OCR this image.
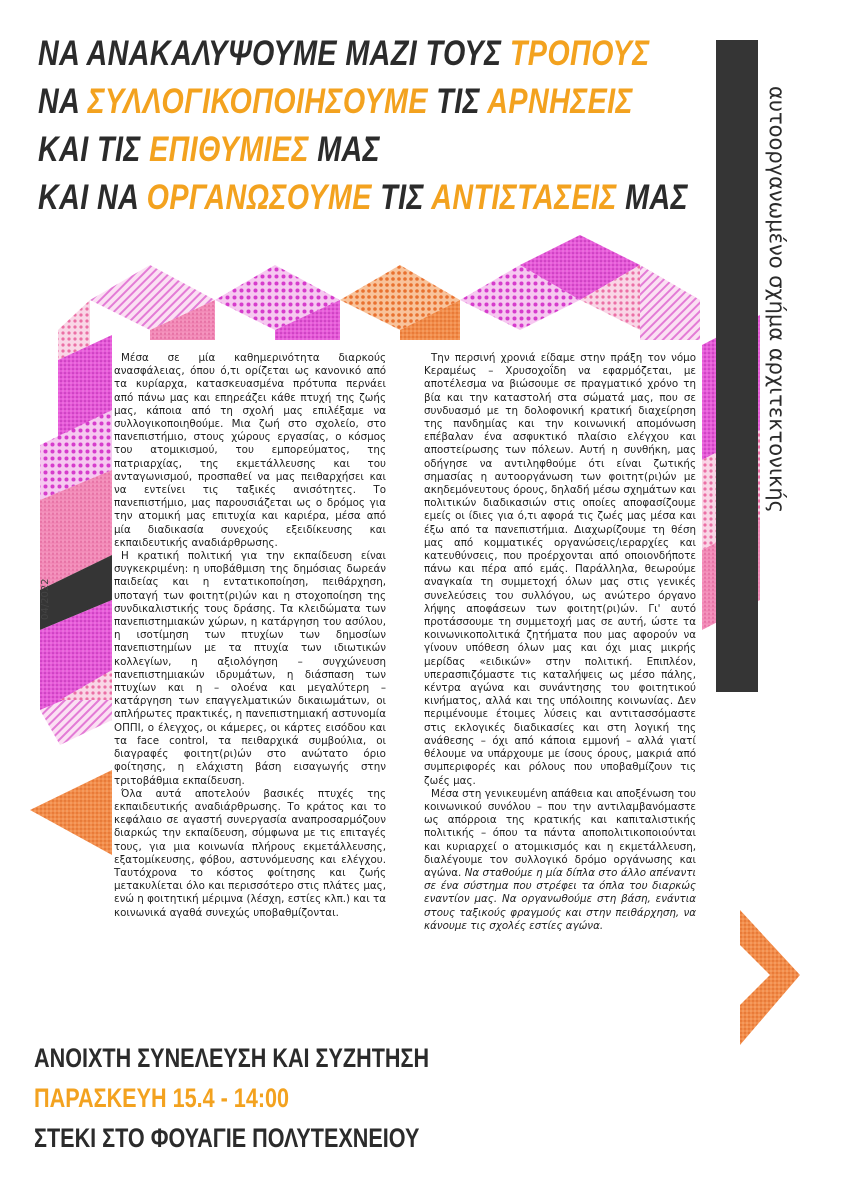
ΝΑ ΑΝΑΚΑΛΥΨΟΥΜΕ ΜΑΖΙ ΤΟΥΣ ΤΡΟΠΟΥΣ
ΝΑ ΣΥΛΛΟΓΙΚΟΠΟΙΗΣΟΥΜΕ ΤΙΣ ΑΡΝΗΣΕΙΣ
ΚΑΙ ΤΙΣ ΕΠΙΘΥΜΙΕΣ ΜΑΣ
ΚΑΙ ΝΑ ΟΡΓΑΝΩΣΟΥΜΕ ΤΙΣ ΑΝΤΙΣΤΑΣΕΙΣ ΜΑΣ	αυτοοργανωμένο σχήμα αρχιτεκτονικής
04/2022

Μέσα σε μία καθημερινότητα διαρκούς ανασφάλειας, όπου ό,τι ορίζεται ως κανονικό από τα κυρίαρχα, κατασκευασμένα πρότυπα περνάει από πάνω μας και επηρεάζει κάθε πτυχή της ζωής μας, κάποια από τη σχολή μας επιλέξαμε να συλλογικοποιηθούμε. Μια ζωή στο σχολείο, στο πανεπιστήμιο, στους χώρους εργασίας, ο κόσμος του ατομικισμού, του εμπορεύματος, της πατριαρχίας, της εκμετάλλευσης και του ανταγωνισμού, προσπαθεί να μας πειθαρχήσει και να εντείνει τις ταξικές ανισότητες. Το πανεπιστήμιο, μας παρουσιάζεται ως ο δρόμος για την ατομική μας επιτυχία και καριέρα, μέσα από μία διαδικασία συνεχούς εξειδίκευσης και εκπαιδευτικής αναδιάρθρωσης.

Η κρατική πολιτική για την εκπαίδευση είναι συγκεκριμένη: η υποβάθμιση της δημόσιας δωρεάν παιδείας και η εντατικοποίηση, πειθάρχηση, υποταγή των φοιτητ(ρι)ών και η στοχοποίηση της συνδικαλιστικής τους δράσης. Τα κλειδώματα των πανεπιστημιακών χώρων, η κατάργηση του ασύλου, η ισοτίμηση των πτυχίων των δημοσίων πανεπιστημίων με τα πτυχία των ιδιωτικών κολλεγίων, η αξιολόγηση – συγχώνευση πανεπιστημιακών ιδρυμάτων, η διάσπαση των πτυχίων και η – ολοένα και μεγαλύτερη – κατάργηση των επαγγελματικών δικαιωμάτων, οι απλήρωτες πρακτικές, η πανεπιστημιακή αστυνομία ΟΠΠΙ, ο έλεγχος, οι κάμερες, οι κάρτες εισόδου και τα face control, τα πειθαρχικά συμβούλια, οι διαγραφές φοιτητ(ρι)ών στο ανώτατο όριο φοίτησης, η ελάχιστη βάση εισαγωγής στην τριτοβάθμια εκπαίδευση.

Όλα αυτά αποτελούν βασικές πτυχές της εκπαιδευτικής αναδιάρθρωσης. Το κράτος και το κεφάλαιο σε αγαστή συνεργασία αναπροσαρμόζουν διαρκώς την εκπαίδευση, σύμφωνα με τις επιταγές τους, για μια κοινωνία πλήρους εκμετάλλευσης, εξατομίκευσης, φόβου, αστυνόμευσης και ελέγχου. Ταυτόχρονα το κόστος φοίτησης και ζωής μετακυλίεται όλο και περισσότερο στις πλάτες μας, ενώ η φοιτητική μέριμνα (λέσχη, εστίες κλπ.) και τα κοινωνικά αγαθά συνεχώς υποβαθμίζονται.

Την περσινή χρονιά είδαμε στην πράξη τον νόμο Κεραμέως – Χρυσοχοΐδη να εφαρμόζεται, με αποτέλεσμα να βιώσουμε σε πραγματικό χρόνο τη βία και την καταστολή στα σώματά μας, που σε συνδυασμό με τη δολοφονική κρατική διαχείρηση της πανδημίας και την κοινωνική απομόνωση επέβαλαν ένα ασφυκτικό πλαίσιο ελέγχου και αποστείρωσης των πόλεων. Αυτή η συνθήκη, μας οδήγησε να αντιληφθούμε ότι είναι ζωτικής σημασίας η αυτοοργάνωση των φοιτητ(ρι)ών με ακηδεμόνευτους όρους, δηλαδή μέσω σχημάτων και πολιτικών διαδικασιών στις οποίες αποφασίζουμε εμείς οι ίδιες για ό,τι αφορά τις ζωές μας μέσα και έξω από τα πανεπιστήμια. Διαχωρίζουμε τη θέση μας από κομματικές οργανώσεις/ιεραρχίες και κατευθύνσεις, που προέρχονται από οποιονδήποτε πάνω και πέρα από εμάς. Παράλληλα, θεωρούμε αναγκαία τη συμμετοχή όλων μας στις γενικές συνελεύσεις του συλλόγου, ως ανώτερο όργανο λήψης αποφάσεων των φοιτητ(ρι)ών. Γι' αυτό προτάσσουμε τη συμμετοχή μας σε αυτή, ώστε τα κοινωνικοπολιτικά ζητήματα που μας αφορούν να γίνουν υπόθεση όλων μας και όχι μιας μικρής μερίδας «ειδικών» στην πολιτική. Επιπλέον, υπερασπιζόμαστε τις καταλήψεις ως μέσο πάλης, κέντρα αγώνα και συνάντησης του φοιτητικού κινήματος, αλλά και της υπόλοιπης κοινωνίας. Δεν περιμένουμε έτοιμες λύσεις και αντιτασσόμαστε στις εκλογικές διαδικασίες και στη λογική της ανάθεσης – όχι από κάποια εμμονή – αλλά γιατί θέλουμε να υπάρχουμε με ίσους όρους, μακριά από συμπεριφορές και ρόλους που υποβαθμίζουν τις ζωές μας.

Μέσα στη γενικευμένη απάθεια και αποξένωση του κοινωνικού συνόλου – που την αντιλαμβανόμαστε ως απόρροια της κρατικής και καπιταλιστικής πολιτικής – όπου τα πάντα αποπολιτικοποιούνται και κυριαρχεί ο ατομικισμός και η εκμετάλλευση, διαλέγουμε τον συλλογικό δρόμο οργάνωσης και αγώνα. Να σταθούμε η μία δίπλα στο άλλο απέναντι σε ένα σύστημα που στρέφει τα όπλα του διαρκώς εναντίον μας. Να οργανωθούμε στη βάση, ενάντια στους ταξικούς φραγμούς και στην πειθάρχηση, να κάνουμε τις σχολές εστίες αγώνα.

ΑΝΟΙΧΤΗ ΣΥΝΕΛΕΥΣΗ ΚΑΙ ΣΥΖΗΤΗΣΗ
ΠΑΡΑΣΚΕΥΗ 15.4 - 14:00
ΣΤΕΚΙ ΣΤΟ ΦΟΥΑΓΙΕ ΠΟΛΥΤΕΧΝΕΙΟΥ
